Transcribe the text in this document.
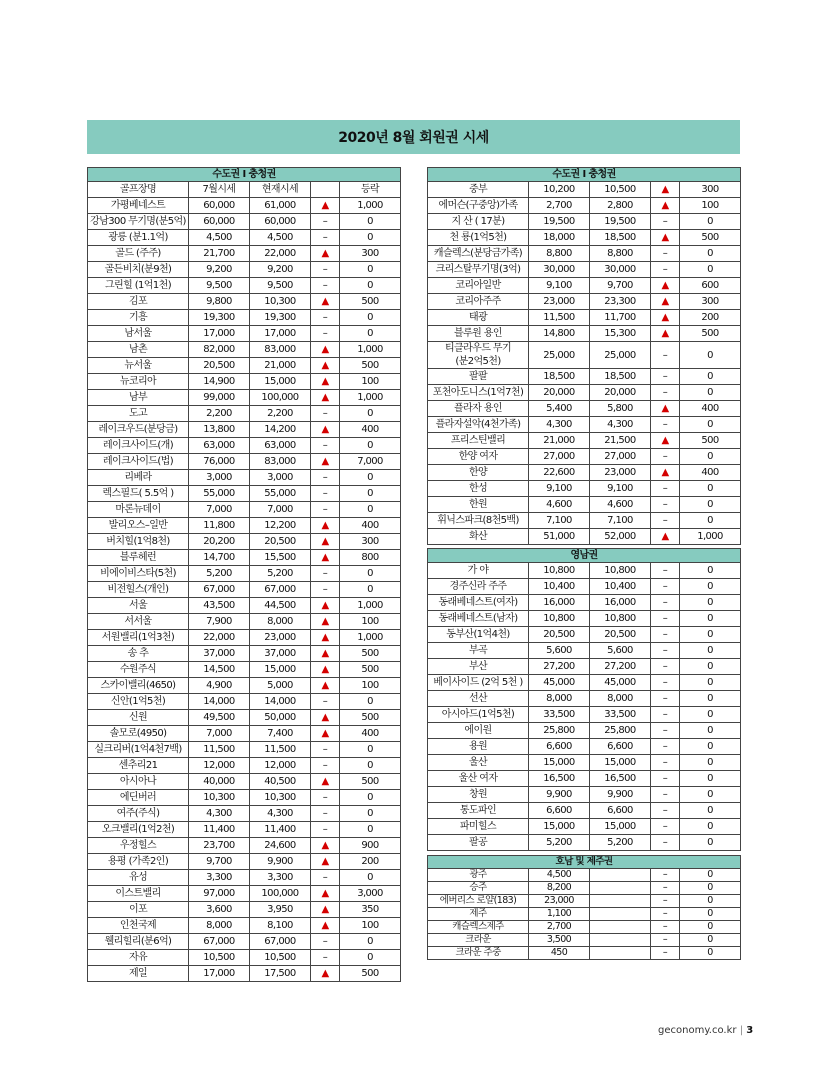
2020년 8월 회원권 시세
수도권 I 충청권				
골프장명	7월시세	현재시세		등락
가평베네스트	60,000	61,000	▲	1,000
강남300 무기명(분5억)	60,000	60,000	–	0
광릉 (분1.1억)	4,500	4,500	–	0
골드 (주주)	21,700	22,000	▲	300
골든비치(분9천)	9,200	9,200	–	0
그린힐 (1억1천)	9,500	9,500	–	0
김포	9,800	10,300	▲	500
기흥	19,300	19,300	–	0
남서울	17,000	17,000	–	0
남촌	82,000	83,000	▲	1,000
뉴서울	20,500	21,000	▲	500
뉴코리아	14,900	15,000	▲	100
남부	99,000	100,000	▲	1,000
도고	2,200	2,200	–	0
레이크우드(분당금)	13,800	14,200	▲	400
레이크사이드(개)	63,000	63,000	–	0
레이크사이드(법)	76,000	83,000	▲	7,000
리베라	3,000	3,000	–	0
렉스필드( 5.5억 )	55,000	55,000	–	0
마론뉴데이	7,000	7,000	–	0
발리오스–일반	11,800	12,200	▲	400
버치힐(1억8천)	20,200	20,500	▲	300
블루헤런	14,700	15,500	▲	800
비에이비스타(5천)	5,200	5,200	–	0
비전힐스(개인)	67,000	67,000	–	0
서울	43,500	44,500	▲	1,000
서서울	7,900	8,000	▲	100
서원밸리(1억3천)	22,000	23,000	▲	1,000
송 추	37,000	37,000	▲	500
수원주식	14,500	15,000	▲	500
스카이밸리(4650)	4,900	5,000	▲	100
신안(1억5천)	14,000	14,000	–	0
신원	49,500	50,000	▲	500
솔모로(4950)	7,000	7,400	▲	400
실크리버(1억4천7백)	11,500	11,500	–	0
센추리21	12,000	12,000	–	0
아시아나	40,000	40,500	▲	500
에딘버러	10,300	10,300	–	0
여주(주식)	4,300	4,300	–	0
오크밸리(1억2천)	11,400	11,400	–	0
우정힐스	23,700	24,600	▲	900
용평 (가족2인)	9,700	9,900	▲	200
유성	3,300	3,300	–	0
이스트밸리	97,000	100,000	▲	3,000
이포	3,600	3,950	▲	350
인천국제	8,000	8,100	▲	100
웰리힐리(분6억)	67,000	67,000	–	0
자유	10,500	10,500	–	0
제일	17,000	17,500	▲	500
수도권 I 충청권				
중부	10,200	10,500	▲	300
에머슨(구중앙)가족	2,700	2,800	▲	100
지 산 ( 17분)	19,500	19,500	–	0
천 룡(1억5천)	18,000	18,500	▲	500
캐슬렉스(분당금가족)	8,800	8,800	–	0
크리스탈무기명(3억)	30,000	30,000	–	0
코리아일반	9,100	9,700	▲	600
코리아주주	23,000	23,300	▲	300
태광	11,500	11,700	▲	200
블루원 용인	14,800	15,300	▲	500
티클라우드 무기
(분2억5천)	25,000	25,000	–	0
팔팔	18,500	18,500	–	0
포천아도니스(1억7천)	20,000	20,000	–	0
플라자 용인	5,400	5,800	▲	400
플라자설악(4천가족)	4,300	4,300	–	0
프리스틴밸리	21,000	21,500	▲	500
한양 여자	27,000	27,000	–	0
한양	22,600	23,000	▲	400
한성	9,100	9,100	–	0
한원	4,600	4,600	–	0
휘닉스파크(8천5백)	7,100	7,100	–	0
화산	51,000	52,000	▲	1,000
영남권				
가 야	10,800	10,800	–	0
경주신라 주주	10,400	10,400	–	0
동래베네스트(여자)	16,000	16,000	–	0
동래베네스트(남자)	10,800	10,800	–	0
동부산(1억4천)	20,500	20,500	–	0
부곡	5,600	5,600	–	0
부산	27,200	27,200	–	0
베이사이드 (2억 5천 )	45,000	45,000	–	0
선산	8,000	8,000	–	0
아시아드(1억5천)	33,500	33,500	–	0
에이원	25,800	25,800	–	0
용원	6,600	6,600	–	0
울산	15,000	15,000	–	0
울산 여자	16,500	16,500	–	0
창원	9,900	9,900	–	0
통도파인	6,600	6,600	–	0
파미힐스	15,000	15,000	–	0
팔공	5,200	5,200	–	0
호남 및 제주권				
광주	4,500		–	0
승주	8,200		–	0
에버리스 로얄(183)	23,000		–	0
제주	1,100		–	0
캐슬렉스제주	2,700		–	0
크라운	3,500		–	0
크라운 주중	450		–	0
geconomy.co.kr | 3
